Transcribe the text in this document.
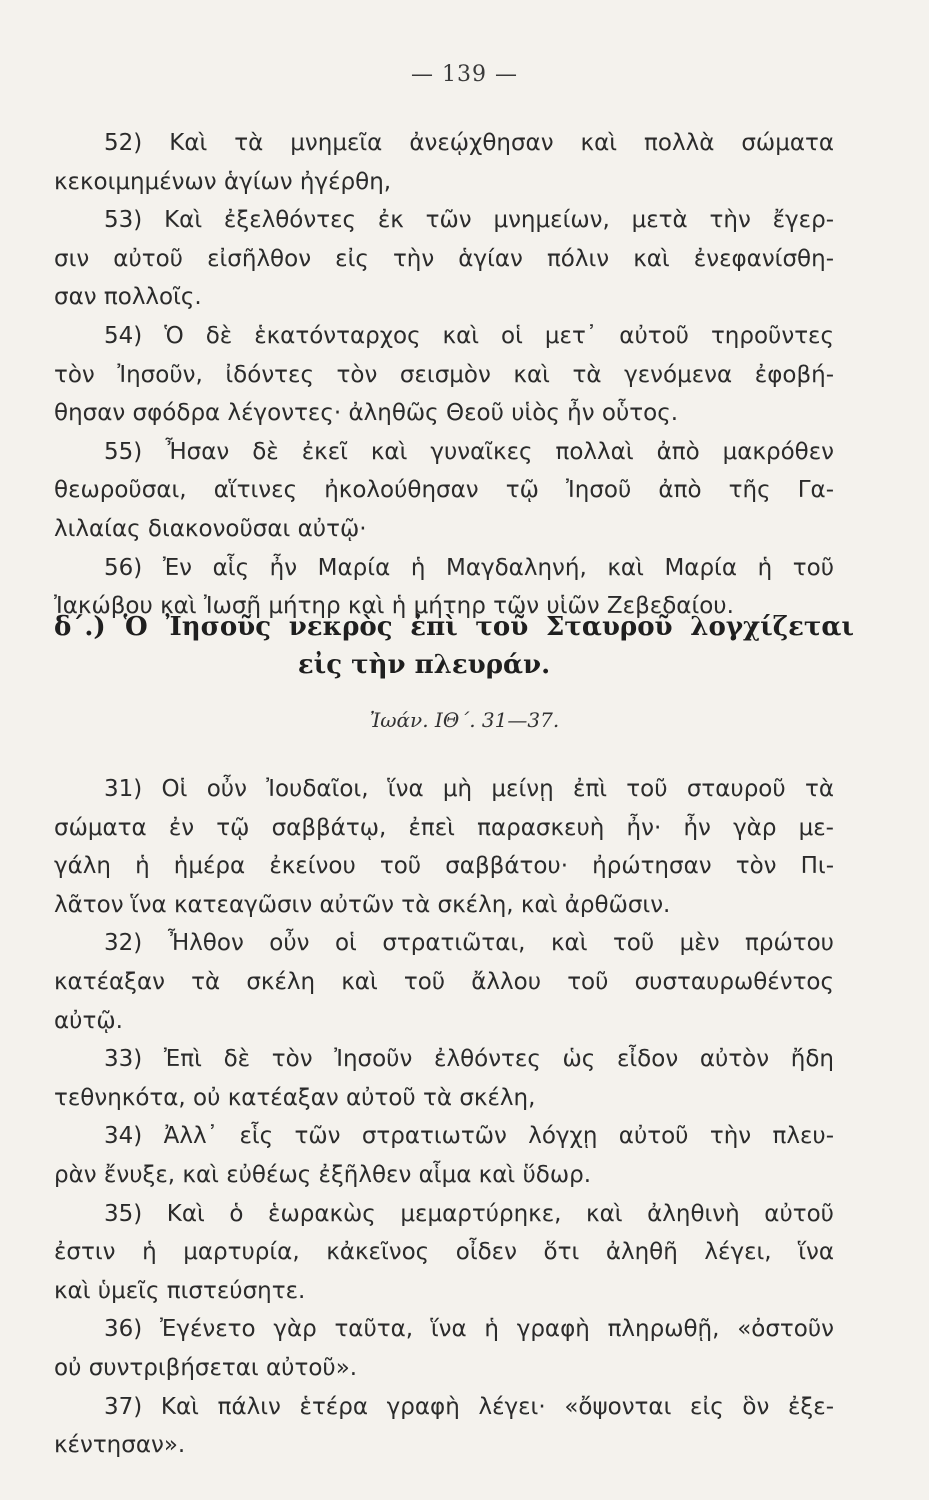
— 139 —
52) Καὶ τὰ μνημεῖα ἀνεῴχθησαν καὶ πολλὰ σώματα
κεκοιμημένων ἁγίων ἠγέρθη,
53) Καὶ ἐξελθόντες ἐκ τῶν μνημείων, μετὰ τὴν ἔγερ-
σιν αὐτοῦ εἰσῆλθον εἰς τὴν ἁγίαν πόλιν καὶ ἐνεφανίσθη-
σαν πολλοῖς.
54) Ὁ δὲ ἑκατόνταρχος καὶ οἱ μετ᾽ αὐτοῦ τηροῦντες
τὸν Ἰησοῦν, ἰδόντες τὸν σεισμὸν καὶ τὰ γενόμενα ἐφοβή-
θησαν σφόδρα λέγοντες· ἀληθῶς Θεοῦ υἱὸς ἦν οὗτος.
55) Ἦσαν δὲ ἐκεῖ καὶ γυναῖκες πολλαὶ ἀπὸ μακρόθεν
θεωροῦσαι, αἵτινες ἠκολούθησαν τῷ Ἰησοῦ ἀπὸ τῆς Γα-
λιλαίας διακονοῦσαι αὐτῷ·
56) Ἐν αἷς ἦν Μαρία ἡ Μαγδαληνή, καὶ Μαρία ἡ τοῦ
Ἰακώβου καὶ Ἰωσῆ μήτηρ καὶ ἡ μήτηρ τῶν υἱῶν Ζεβεδαίου.
δ´.) Ὁ Ἰησοῦς νεκρὸς ἐπὶ τοῦ Σταυροῦ λογχίζεται
εἰς τὴν πλευράν.
Ἰωάν. ΙΘ´. 31—37.
31) Οἱ οὖν Ἰουδαῖοι, ἵνα μὴ μείνῃ ἐπὶ τοῦ σταυροῦ τὰ
σώματα ἐν τῷ σαββάτῳ, ἐπεὶ παρασκευὴ ἦν· ἦν γὰρ με-
γάλη ἡ ἡμέρα ἐκείνου τοῦ σαββάτου· ἠρώτησαν τὸν Πι-
λᾶτον ἵνα κατεαγῶσιν αὐτῶν τὰ σκέλη, καὶ ἀρθῶσιν.
32) Ἦλθον οὖν οἱ στρατιῶται, καὶ τοῦ μὲν πρώτου
κατέαξαν τὰ σκέλη καὶ τοῦ ἄλλου τοῦ συσταυρωθέντος
αὐτῷ.
33) Ἐπὶ δὲ τὸν Ἰησοῦν ἐλθόντες ὡς εἶδον αὐτὸν ἤδη
τεθνηκότα, οὐ κατέαξαν αὐτοῦ τὰ σκέλη,
34) Ἀλλ᾽ εἷς τῶν στρατιωτῶν λόγχῃ αὐτοῦ τὴν πλευ-
ρὰν ἔνυξε, καὶ εὐθέως ἐξῆλθεν αἷμα καὶ ὕδωρ.
35) Καὶ ὁ ἑωρακὼς μεμαρτύρηκε, καὶ ἀληθινὴ αὐτοῦ
ἐστιν ἡ μαρτυρία, κἀκεῖνος οἶδεν ὅτι ἀληθῆ λέγει, ἵνα
καὶ ὑμεῖς πιστεύσητε.
36) Ἐγένετο γὰρ ταῦτα, ἵνα ἡ γραφὴ πληρωθῇ, «ὀστοῦν
οὐ συντριβήσεται αὐτοῦ».
37) Καὶ πάλιν ἑτέρα γραφὴ λέγει· «ὄψονται εἰς ὃν ἐξε-
κέντησαν».
